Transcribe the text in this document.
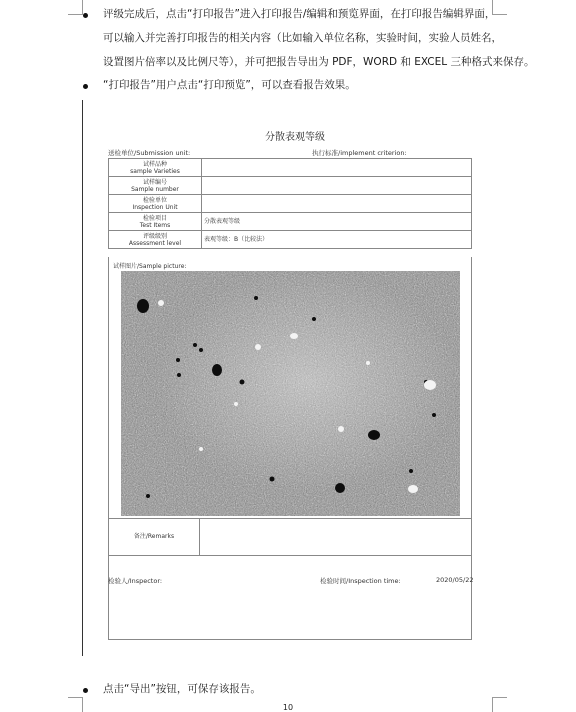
评级完成后，点击“打印报告”进入打印报告/编辑和预览界面，在打印报告编辑界面，
可以输入并完善打印报告的相关内容（比如输入单位名称，实验时间，实验人员姓名，
设置图片倍率以及比例尺等），并可把报告导出为 PDF，WORD 和 EXCEL 三种格式来保存。
“打印报告”用户点击“打印预览”，可以查看报告效果。
分散表观等级
送检单位/Submission unit:	执行标准/implement criterion:
试样品种
sample Varieties	

试样编号
Sample number	

检验单位
Inspection Unit	

检验项目
Test Items	分散表观等级

评级级别
Assessment level	表观等级：B（比较法）
试样图片/Sample picture:
备注/Remarks
检验人/Inspector:	检验时间/Inspection time:	2020/05/22
点击“导出”按钮，可保存该报告。
10
